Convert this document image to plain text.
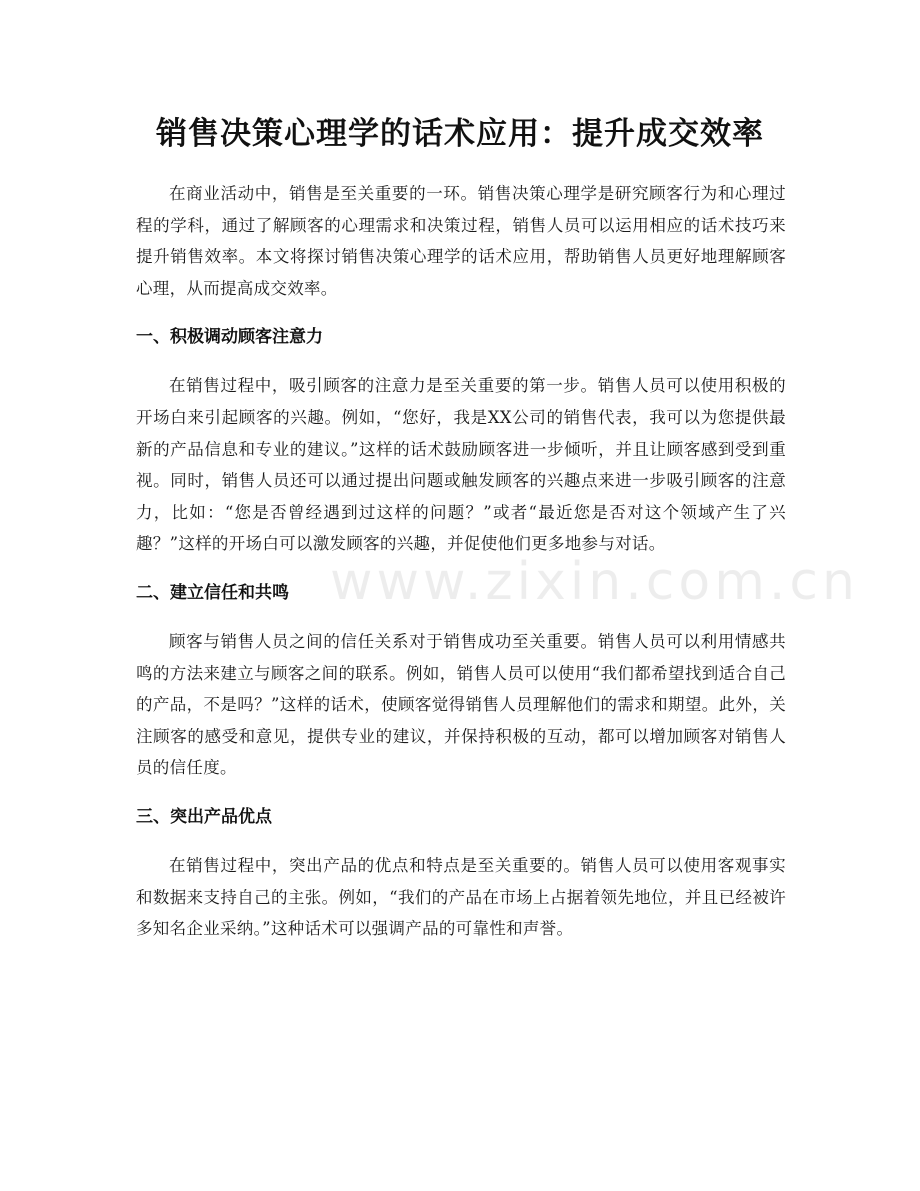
销售决策心理学的话术应用：提升成交效率

在商业活动中，销售是至关重要的一环。销售决策心理学是研究顾客行为和心理过程的学科，通过了解顾客的心理需求和决策过程，销售人员可以运用相应的话术技巧来提升销售效率。本文将探讨销售决策心理学的话术应用，帮助销售人员更好地理解顾客心理，从而提高成交效率。

一、积极调动顾客注意力

在销售过程中，吸引顾客的注意力是至关重要的第一步。销售人员可以使用积极的开场白来引起顾客的兴趣。例如，“您好，我是XX公司的销售代表，我可以为您提供最新的产品信息和专业的建议。”这样的话术鼓励顾客进一步倾听，并且让顾客感到受到重视。同时，销售人员还可以通过提出问题或触发顾客的兴趣点来进一步吸引顾客的注意力，比如：“您是否曾经遇到过这样的问题？”或者“最近您是否对这个领域产生了兴趣？”这样的开场白可以激发顾客的兴趣，并促使他们更多地参与对话。

二、建立信任和共鸣

顾客与销售人员之间的信任关系对于销售成功至关重要。销售人员可以利用情感共鸣的方法来建立与顾客之间的联系。例如，销售人员可以使用“我们都希望找到适合自己的产品，不是吗？”这样的话术，使顾客觉得销售人员理解他们的需求和期望。此外，关注顾客的感受和意见，提供专业的建议，并保持积极的互动，都可以增加顾客对销售人员的信任度。

三、突出产品优点

在销售过程中，突出产品的优点和特点是至关重要的。销售人员可以使用客观事实和数据来支持自己的主张。例如，“我们的产品在市场上占据着领先地位，并且已经被许多知名企业采纳。”这种话术可以强调产品的可靠性和声誉。

www.zixin.com.cn
